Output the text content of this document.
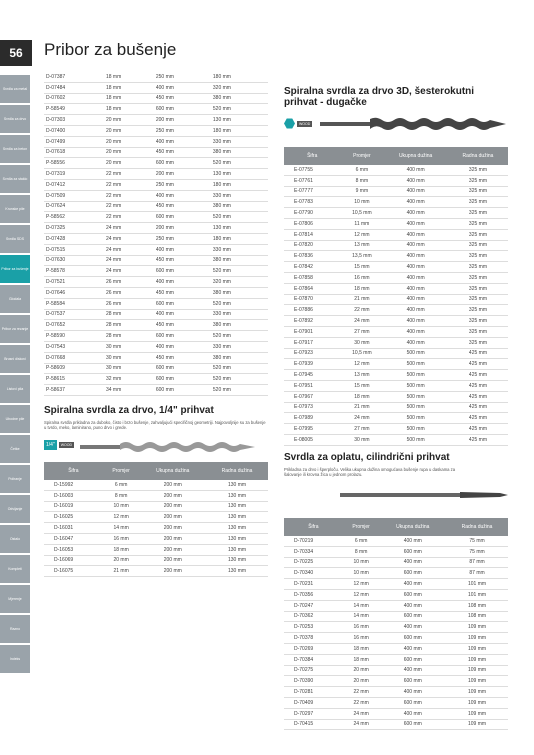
56	Pribor za bušenje
Svrdla za metal
Svrdla za drvo
Svrdla za beton
Svrdla za staklo
Krunske pile
Svrdla SDS
Pribor za bušenje
Glodala
Pribor za rezanje
Brusni diskovi
Listovi pila
Ubodne pile
Četke
Poliranje
Odvijanje
Ostalo
Kompleti
Mjerenje
Razno
Indeks
D-07387	18 mm	250 mm	180 mm
D-07484	18 mm	400 mm	320 mm
D-07602	18 mm	450 mm	380 mm
P-58549	18 mm	600 mm	520 mm
D-07303	20 mm	200 mm	130 mm
D-07400	20 mm	250 mm	180 mm
D-07499	20 mm	400 mm	330 mm
D-07618	20 mm	450 mm	380 mm
P-58556	20 mm	600 mm	520 mm
D-07319	22 mm	200 mm	130 mm
D-07412	22 mm	250 mm	180 mm
D-07509	22 mm	400 mm	330 mm
D-07624	22 mm	450 mm	380 mm
P-58562	22 mm	600 mm	520 mm
D-07325	24 mm	200 mm	130 mm
D-07428	24 mm	250 mm	180 mm
D-07515	24 mm	400 mm	330 mm
D-07630	24 mm	450 mm	380 mm
P-58578	24 mm	600 mm	520 mm
D-07521	26 mm	400 mm	320 mm
D-07646	26 mm	450 mm	380 mm
P-58584	26 mm	600 mm	520 mm
D-07537	28 mm	400 mm	330 mm
D-07652	28 mm	450 mm	380 mm
P-58590	28 mm	600 mm	520 mm
D-07543	30 mm	400 mm	330 mm
D-07668	30 mm	450 mm	380 mm
P-58609	30 mm	600 mm	520 mm
P-58615	32 mm	600 mm	520 mm
P-58637	34 mm	600 mm	520 mm
Spiralna svrdla za drvo, 1/4" prihvat
Spiralna svrdla prikladna za duboko, čisto i brzo bušenje, zahvaljujući specifičnoj geometriji. Najpovoljnije su za bušenje u tvrdo, meko, laminirano, puno drvo i grede.
1/4"	WOOD
Šifra	Promjer	Ukupna dužina	Radna dužina
D-15992	6 mm	200 mm	130 mm
D-16003	8 mm	200 mm	130 mm
D-16019	10 mm	200 mm	130 mm
D-16025	12 mm	200 mm	130 mm
D-16031	14 mm	200 mm	130 mm
D-16047	16 mm	200 mm	130 mm
D-16053	18 mm	200 mm	130 mm
D-16069	20 mm	200 mm	130 mm
D-16075	21 mm	200 mm	130 mm
Spiralna svrdla za drvo 3D, šesterokutni prihvat - dugačke
WOOD
Šifra	Promjer	Ukupna dužina	Radna dužina
E-07755	6 mm	400 mm	325 mm
E-07761	8 mm	400 mm	325 mm
E-07777	9 mm	400 mm	325 mm
E-07783	10 mm	400 mm	325 mm
E-07790	10,5 mm	400 mm	325 mm
E-07806	11 mm	400 mm	325 mm
E-07814	12 mm	400 mm	325 mm
E-07820	13 mm	400 mm	325 mm
E-07836	13,5 mm	400 mm	325 mm
E-07842	15 mm	400 mm	325 mm
E-07858	16 mm	400 mm	325 mm
E-07864	18 mm	400 mm	325 mm
E-07870	21 mm	400 mm	325 mm
E-07886	22 mm	400 mm	325 mm
E-07892	24 mm	400 mm	325 mm
E-07901	27 mm	400 mm	325 mm
E-07917	30 mm	400 mm	325 mm
E-07923	10,5 mm	500 mm	425 mm
E-07939	12 mm	500 mm	425 mm
E-07945	13 mm	500 mm	425 mm
E-07951	15 mm	500 mm	425 mm
E-07967	18 mm	500 mm	425 mm
E-07973	21 mm	500 mm	425 mm
E-07989	24 mm	500 mm	425 mm
E-07995	27 mm	500 mm	425 mm
E-08005	30 mm	500 mm	425 mm
Svrdla za oplatu, cilindrični prihvat
Prikladna za drvo i šperploču. Velika ukupna dužina omogućava bušenje rupa u daskama za šalovanje ili krovna žica u jednom prolazu.
Šifra	Promjer	Ukupna dužina	Radna dužina
D-70219	6 mm	400 mm	75 mm
D-70334	8 mm	600 mm	75 mm
D-70225	10 mm	400 mm	87 mm
D-70340	10 mm	600 mm	87 mm
D-70231	12 mm	400 mm	101 mm
D-70356	12 mm	600 mm	101 mm
D-70247	14 mm	400 mm	108 mm
D-70362	14 mm	600 mm	108 mm
D-70253	16 mm	400 mm	109 mm
D-70378	16 mm	600 mm	109 mm
D-70269	18 mm	400 mm	109 mm
D-70384	18 mm	600 mm	109 mm
D-70275	20 mm	400 mm	109 mm
D-70390	20 mm	600 mm	109 mm
D-70281	22 mm	400 mm	109 mm
D-70409	22 mm	600 mm	109 mm
D-70297	24 mm	400 mm	109 mm
D-70415	24 mm	600 mm	109 mm
